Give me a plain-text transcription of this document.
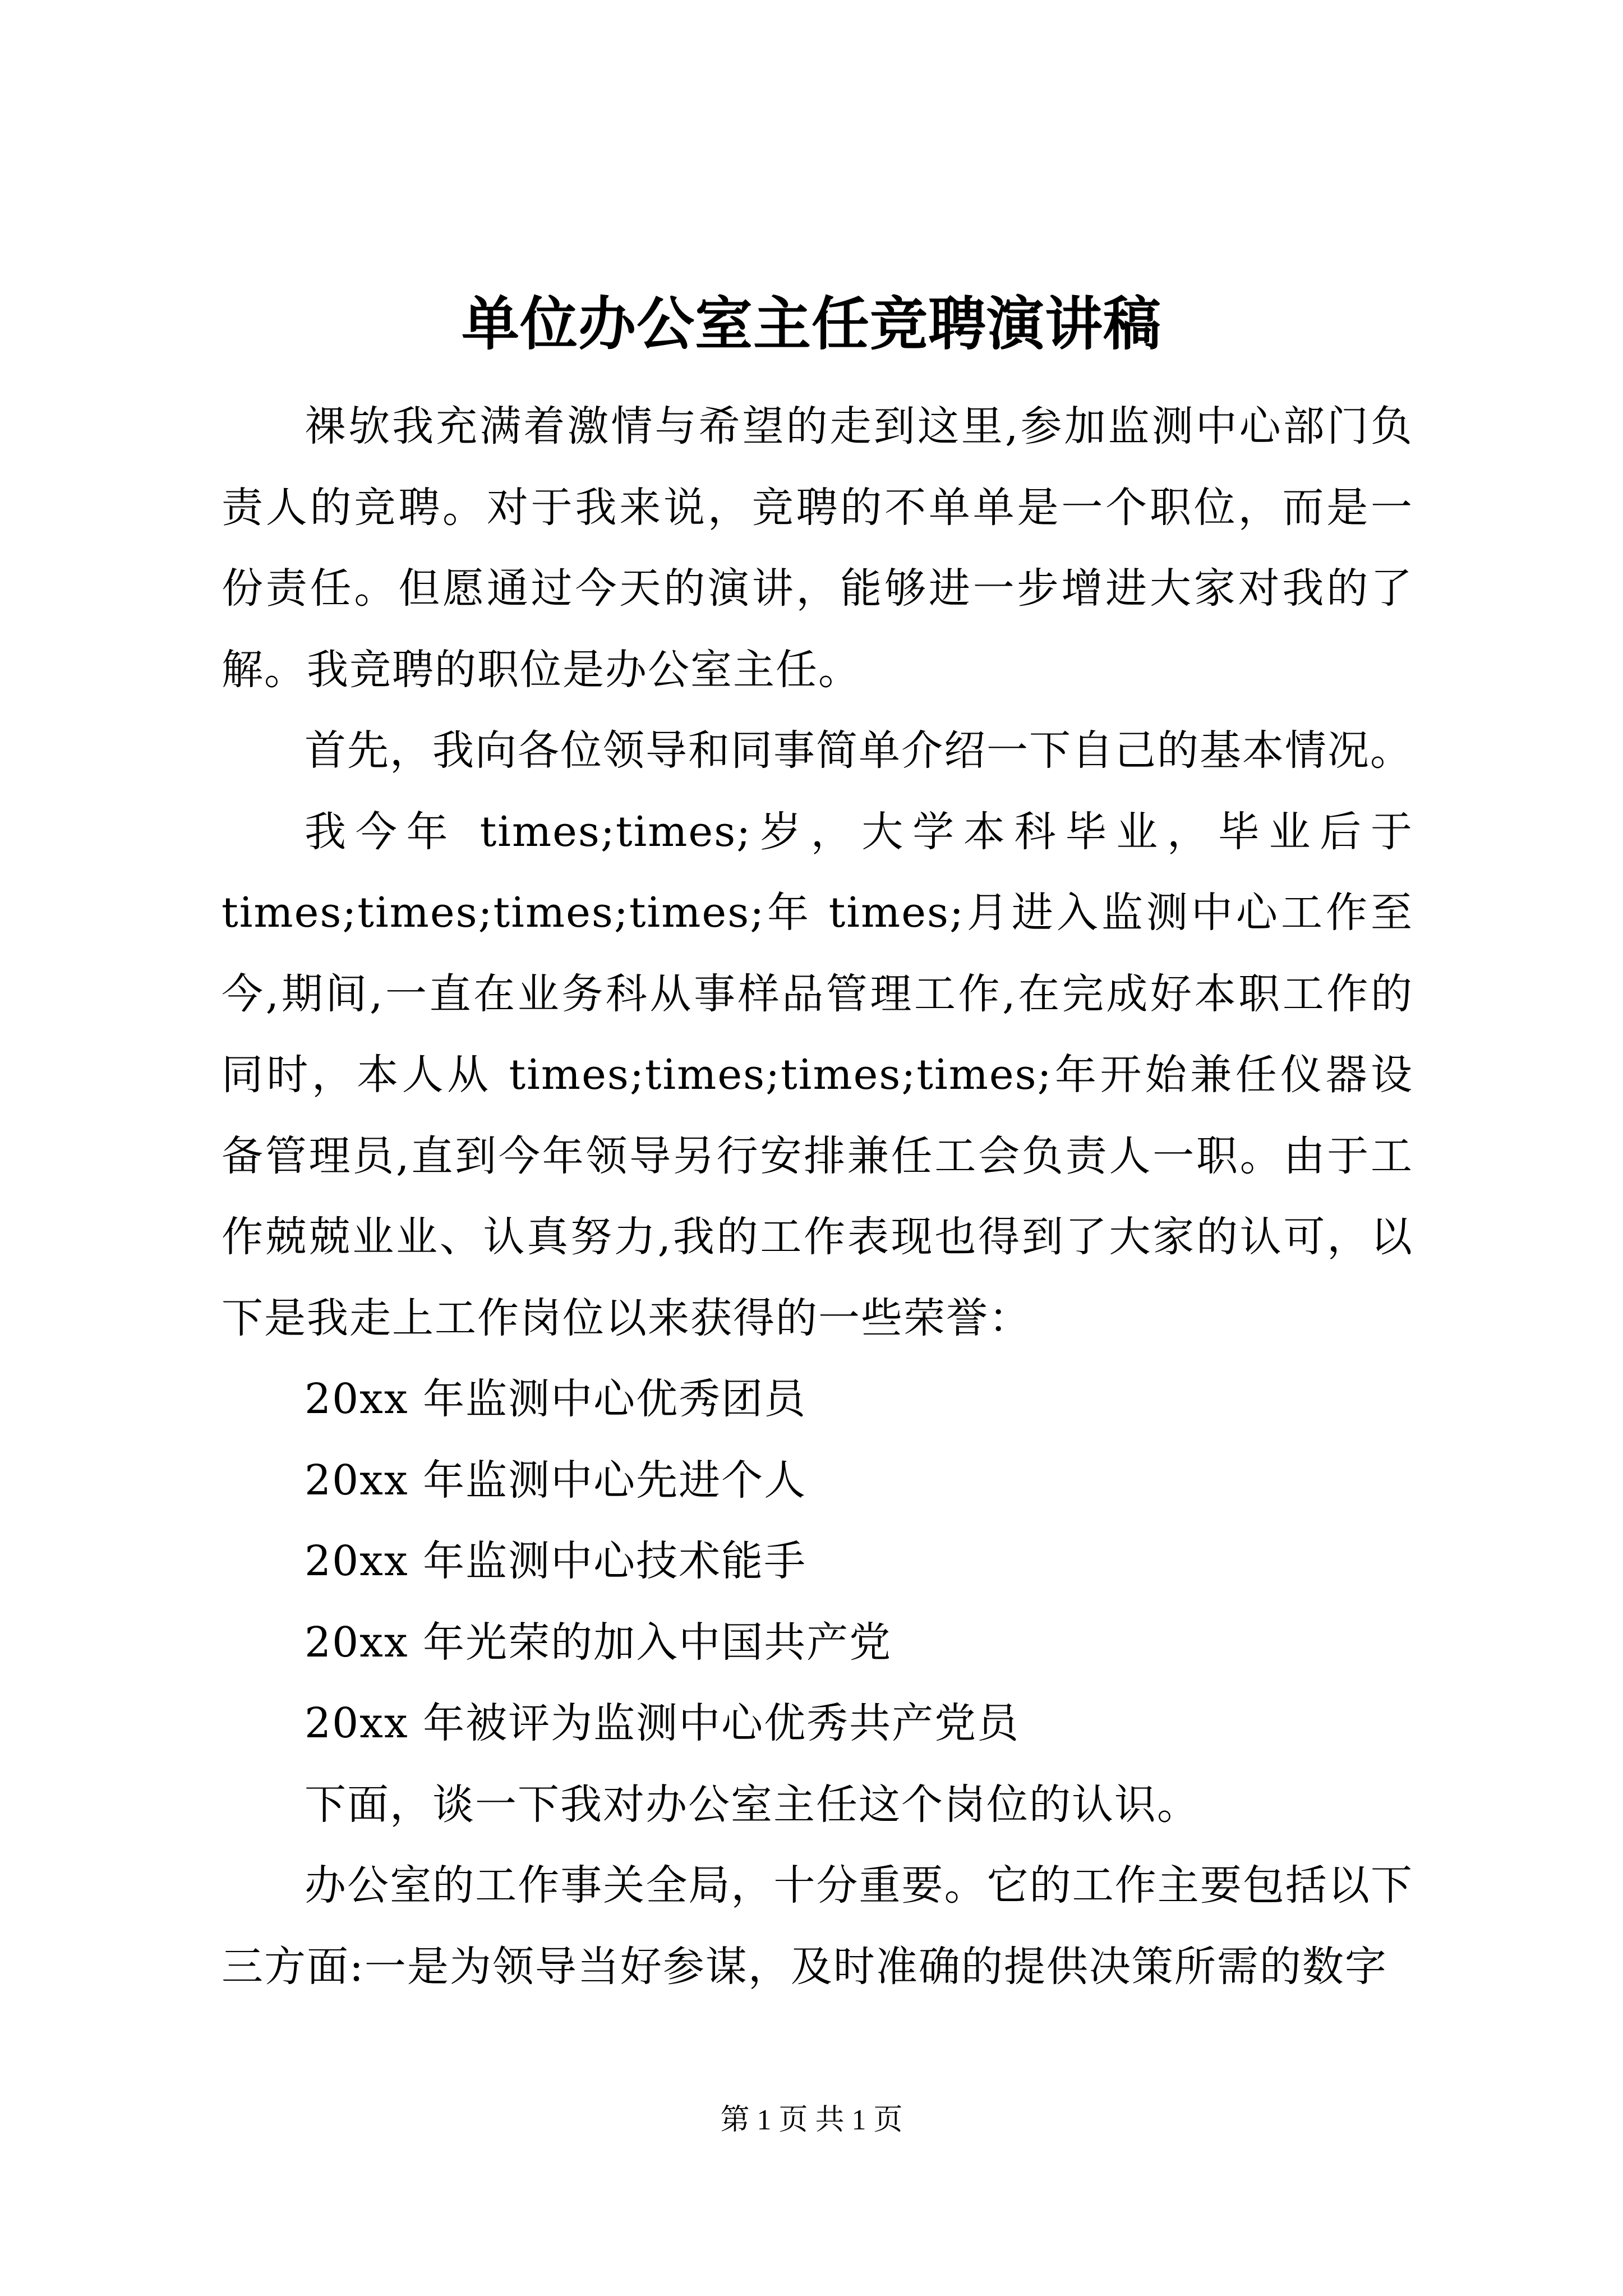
单位办公室主任竞聘演讲稿

祼欤我充满着激情与希望的走到这里,参加监测中心部门负责人的竞聘。对于我来说，竞聘的不单单是一个职位，而是一份责任。但愿通过今天的演讲，能够进一步增进大家对我的了解。我竞聘的职位是办公室主任。

首先，我向各位领导和同事简单介绍一下自己的基本情况。

我今年 times;times;岁，大学本科毕业，毕业后于times;times;times;times;年 times;月进入监测中心工作至今,期间,一直在业务科从事样品管理工作,在完成好本职工作的同时，本人从 times;times;times;times;年开始兼任仪器设备管理员,直到今年领导另行安排兼任工会负责人一职。由于工作兢兢业业、认真努力,我的工作表现也得到了大家的认可，以下是我走上工作岗位以来获得的一些荣誉：

20xx 年监测中心优秀团员

20xx 年监测中心先进个人

20xx 年监测中心技术能手

20xx 年光荣的加入中国共产党

20xx 年被评为监测中心优秀共产党员

下面，谈一下我对办公室主任这个岗位的认识。

办公室的工作事关全局，十分重要。它的工作主要包括以下三方面:一是为领导当好参谋，及时准确的提供决策所需的数字

第 1 页 共 1 页
